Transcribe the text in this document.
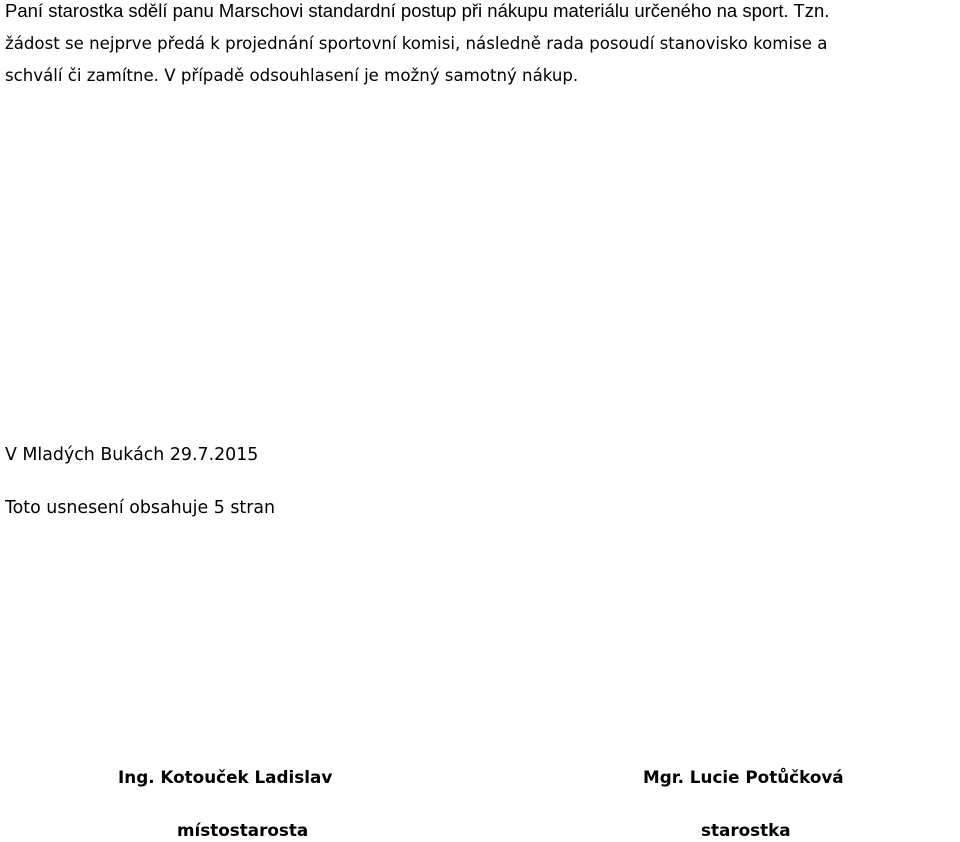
Paní starostka sdělí panu Marschovi standardní postup při nákupu materiálu určeného na sport. Tzn.
žádost se nejprve předá k projednání sportovní komisi, následně rada posoudí stanovisko komise a
schválí či zamítne. V případě odsouhlasení je možný samotný nákup.
V Mladých Bukách 29.7.2015
Toto usnesení obsahuje 5 stran
Ing. Kotouček Ladislav
místostarosta
Mgr. Lucie Potůčková
starostka
